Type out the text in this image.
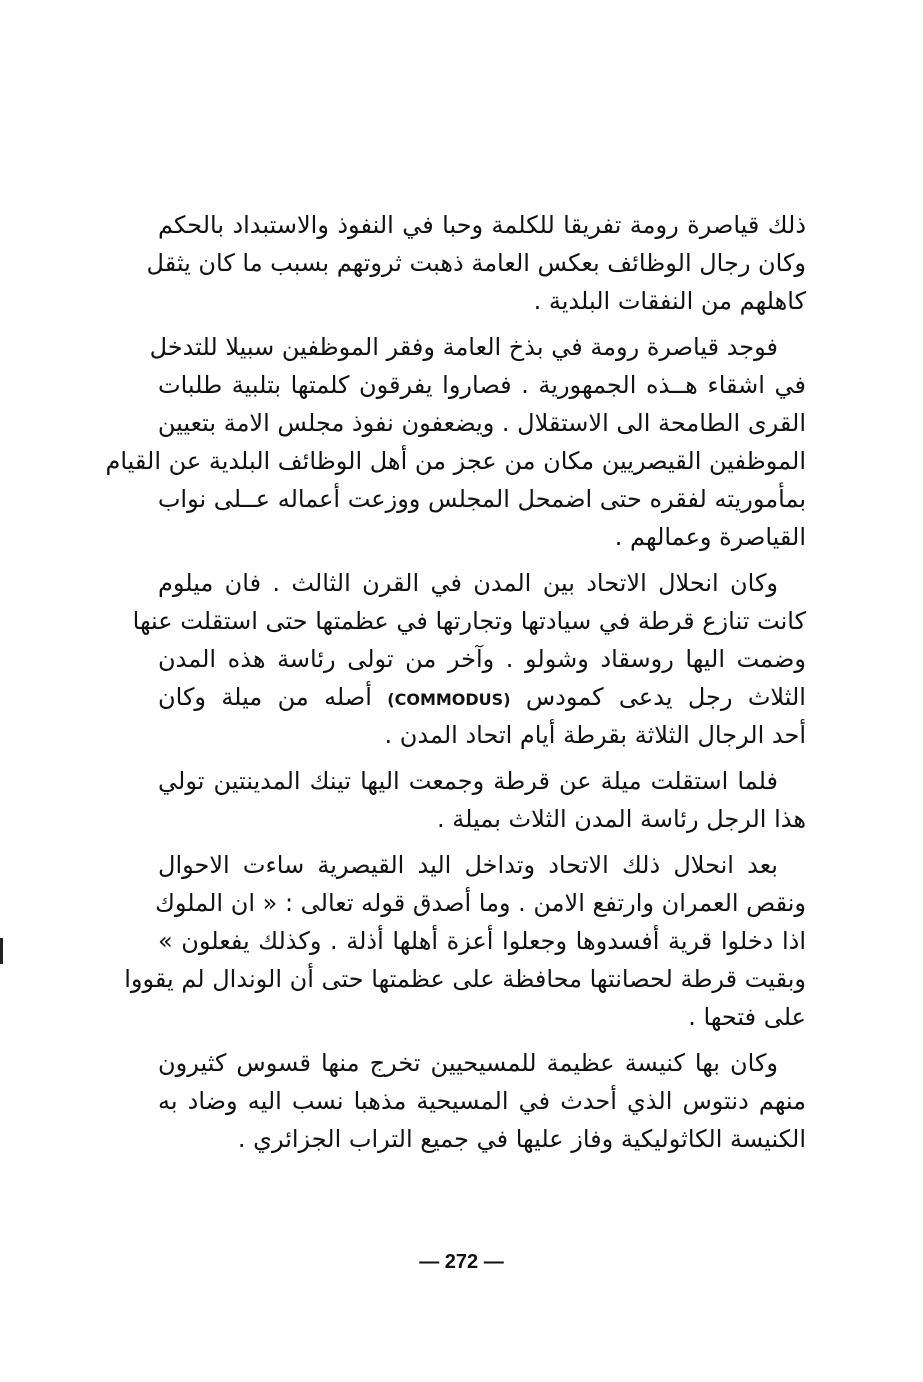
ذلك قياصرة رومة تفريقا للكلمة وحبا في النفوذ والاستبداد بالحكم
وكان رجال الوظائف بعكس العامة ذهبت ثروتهم بسبب ما كان يثقل
كاهلهم من النفقات البلدية .
فوجد قياصرة رومة في بذخ العامة وفقر الموظفين سبيلا للتدخل
في اشقاء هــذه الجمهورية . فصاروا يفرقون كلمتها بتلبية طلبات
القرى الطامحة الى الاستقلال . ويضعفون نفوذ مجلس الامة بتعيين
الموظفين القيصريين مكان من عجز من أهل الوظائف البلدية عن القيام
بمأموريته لفقره حتى اضمحل المجلس ووزعت أعماله عــلى نواب
القياصرة وعمالهم .
وكان انحلال الاتحاد بين المدن في القرن الثالث . فان ميلوم
كانت تنازع قرطة في سيادتها وتجارتها في عظمتها حتى استقلت عنها
وضمت اليها روسقاد وشولو . وآخر من تولى رئاسة هذه المدن
الثلاث رجل يدعى كمودس (COMMODUS) أصله من ميلة وكان
أحد الرجال الثلاثة بقرطة أيام اتحاد المدن .
فلما استقلت ميلة عن قرطة وجمعت اليها تينك المدينتين تولي
هذا الرجل رئاسة المدن الثلاث بميلة .
بعد انحلال ذلك الاتحاد وتداخل اليد القيصرية ساءت الاحوال
ونقص العمران وارتفع الامن . وما أصدق قوله تعالى : « ان الملوك
اذا دخلوا قرية أفسدوها وجعلوا أعزة أهلها أذلة . وكذلك يفعلون »
وبقيت قرطة لحصانتها محافظة على عظمتها حتى أن الوندال لم يقووا
على فتحها .
وكان بها كنيسة عظيمة للمسيحيين تخرج منها قسوس كثيرون
منهم دنتوس الذي أحدث في المسيحية مذهبا نسب اليه وضاد به
الكنيسة الكاثوليكية وفاز عليها في جميع التراب الجزائري .
— 272 —
